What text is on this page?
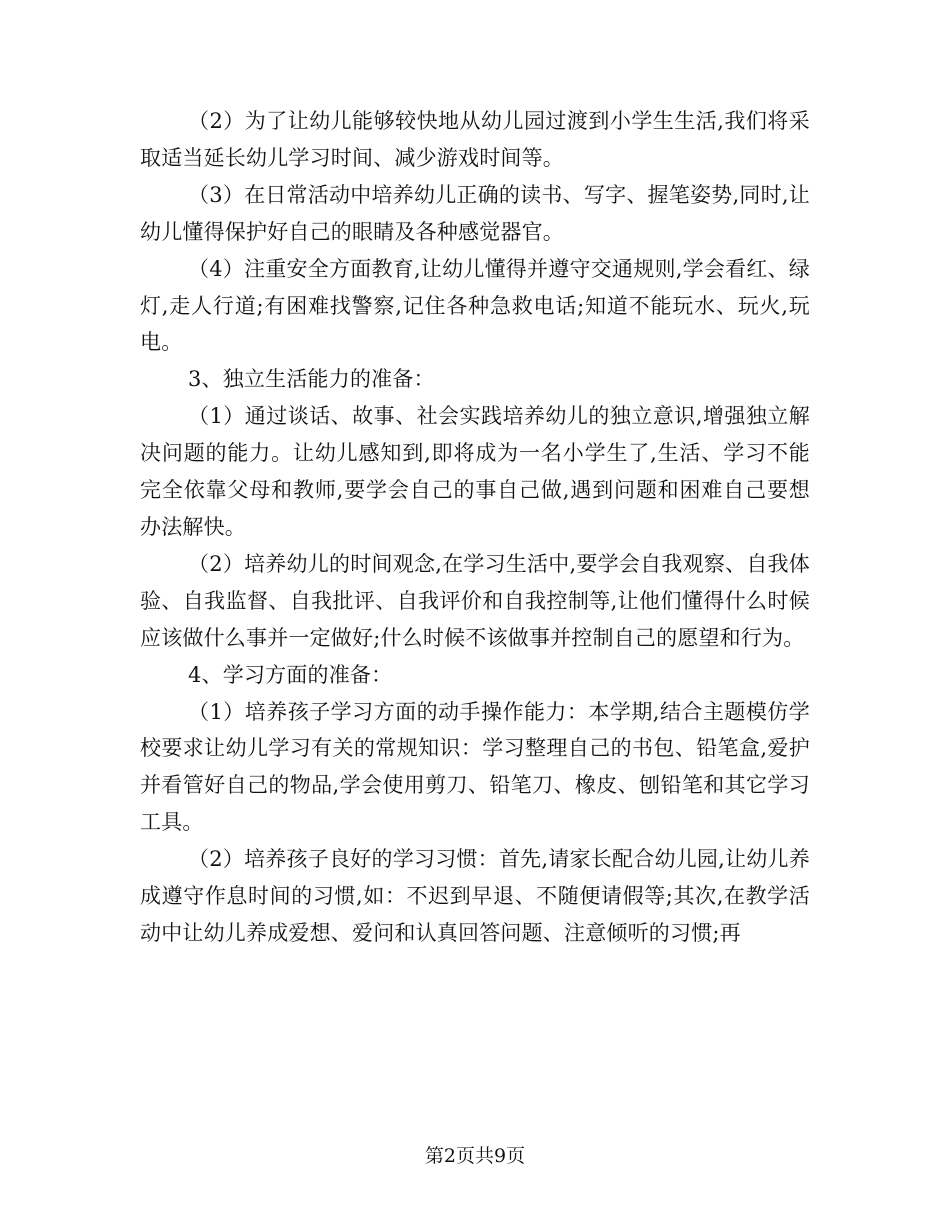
（2）为了让幼儿能够较快地从幼儿园过渡到小学生生活,我们将采取适当延长幼儿学习时间、减少游戏时间等。

（3）在日常活动中培养幼儿正确的读书、写字、握笔姿势,同时,让幼儿懂得保护好自己的眼睛及各种感觉器官。

（4）注重安全方面教育,让幼儿懂得并遵守交通规则,学会看红、绿灯,走人行道;有困难找警察,记住各种急救电话;知道不能玩水、玩火,玩电。

3、独立生活能力的准备：

（1）通过谈话、故事、社会实践培养幼儿的独立意识,增强独立解决问题的能力。让幼儿感知到,即将成为一名小学生了,生活、学习不能完全依靠父母和教师,要学会自己的事自己做,遇到问题和困难自己要想办法解快。

（2）培养幼儿的时间观念,在学习生活中,要学会自我观察、自我体验、自我监督、自我批评、自我评价和自我控制等,让他们懂得什么时候应该做什么事并一定做好;什么时候不该做事并控制自己的愿望和行为。

4、学习方面的准备：

（1）培养孩子学习方面的动手操作能力：本学期,结合主题模仿学校要求让幼儿学习有关的常规知识：学习整理自己的书包、铅笔盒,爱护并看管好自己的物品,学会使用剪刀、铅笔刀、橡皮、刨铅笔和其它学习工具。

（2）培养孩子良好的学习习惯：首先,请家长配合幼儿园,让幼儿养成遵守作息时间的习惯,如：不迟到早退、不随便请假等;其次,在教学活动中让幼儿养成爱想、爱问和认真回答问题、注意倾听的习惯;再

第2页共9页
